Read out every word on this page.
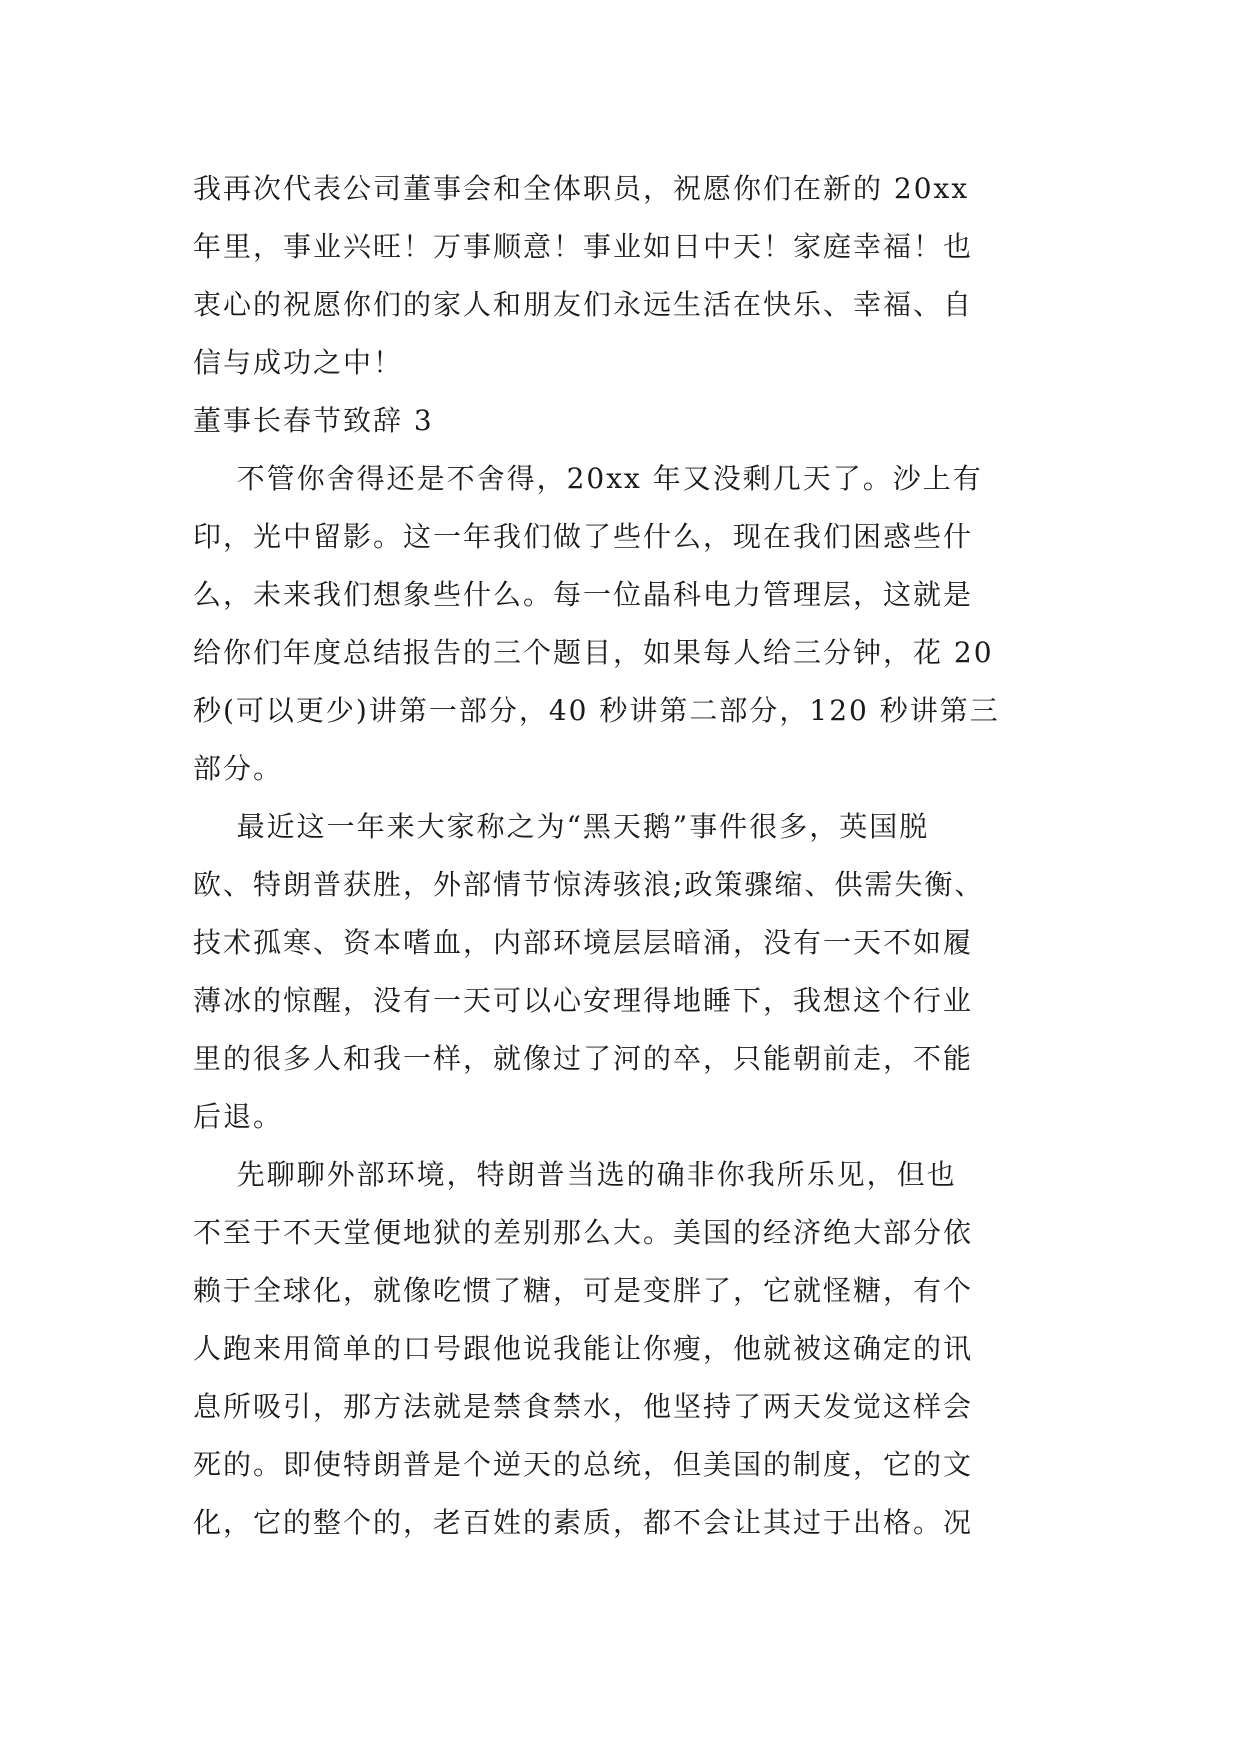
我再次代表公司董事会和全体职员，祝愿你们在新的 20xx
年里，事业兴旺！万事顺意！事业如日中天！家庭幸福！也
衷心的祝愿你们的家人和朋友们永远生活在快乐、幸福、自
信与成功之中！
董事长春节致辞 3
不管你舍得还是不舍得，20xx 年又没剩几天了。沙上有
印，光中留影。这一年我们做了些什么，现在我们困惑些什
么，未来我们想象些什么。每一位晶科电力管理层，这就是
给你们年度总结报告的三个题目，如果每人给三分钟，花 20
秒(可以更少)讲第一部分，40 秒讲第二部分，120 秒讲第三
部分。
最近这一年来大家称之为“黑天鹅”事件很多，英国脱
欧、特朗普获胜，外部情节惊涛骇浪;政策骤缩、供需失衡、
技术孤寒、资本嗜血，内部环境层层暗涌，没有一天不如履
薄冰的惊醒，没有一天可以心安理得地睡下，我想这个行业
里的很多人和我一样，就像过了河的卒，只能朝前走，不能
后退。
先聊聊外部环境，特朗普当选的确非你我所乐见，但也
不至于不天堂便地狱的差别那么大。美国的经济绝大部分依
赖于全球化，就像吃惯了糖，可是变胖了，它就怪糖，有个
人跑来用简单的口号跟他说我能让你瘦，他就被这确定的讯
息所吸引，那方法就是禁食禁水，他坚持了两天发觉这样会
死的。即使特朗普是个逆天的总统，但美国的制度，它的文
化，它的整个的，老百姓的素质，都不会让其过于出格。况
